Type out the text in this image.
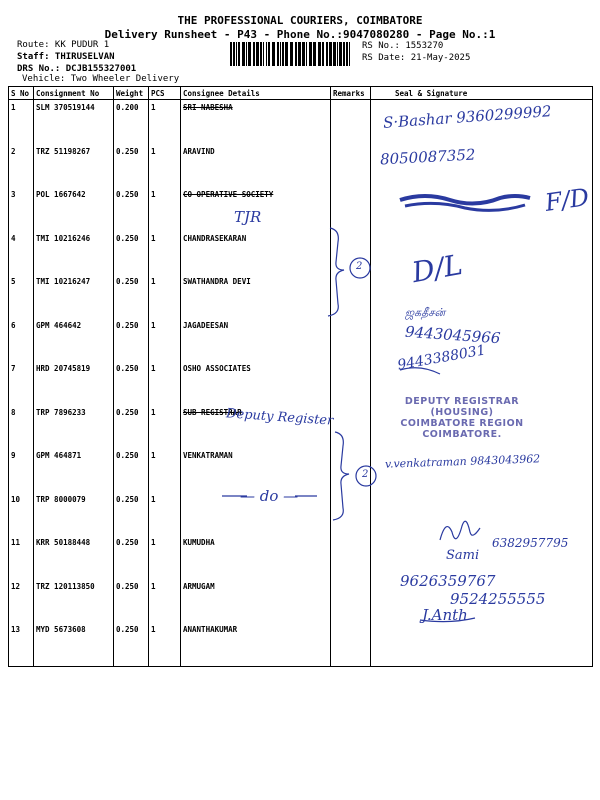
THE PROFESSIONAL COURIERS, COIMBATORE
Delivery Runsheet - P43 - Phone No.:9047080280 - Page No.:1
Route: KK PUDUR 1
Staff: THIRUSELVAN
DRS No.: DCJB155327001
Vehicle: Two Wheeler Delivery
RS No.: 1553270
RS Date: 21-May-2025
S No	Consignment No	Weight	PCS	Consignee Details	Remarks	Seal & Signature
1	SLM 370519144	0.200	1	SRI NABESHA		
2	TRZ 51198267	0.250	1	ARAVIND		
3	POL 1667642	0.250	1	CO OPERATIVE SOCIETY		
4	TMI 10216246	0.250	1	CHANDRASEKARAN		
5	TMI 10216247	0.250	1	SWATHANDRA DEVI		
6	GPM 464642	0.250	1	JAGADEESAN		
7	HRD 20745819	0.250	1	OSHO ASSOCIATES		
8	TRP 7896233	0.250	1	SUB REGISTRAR		
9	GPM 464871	0.250	1	VENKATRAMAN		
10	TRP 8000079	0.250	1			
11	KRR 50188448	0.250	1	KUMUDHA		
12	TRZ 120113850	0.250	1	ARMUGAM		
13	MYD 5673608	0.250	1	ANANTHAKUMAR		
S·Bashar 9360299992
8050087352
F/D
TJR
D/L
2
ஜகதீசன்
9443045966
9443388031
Deputy Register
v.venkatraman 9843043962
2
— do —
6382957795
Sami
9626359767
9524255555
J.Anth
DEPUTY REGISTRAR
(HOUSING)
COIMBATORE REGION
COIMBATORE.
